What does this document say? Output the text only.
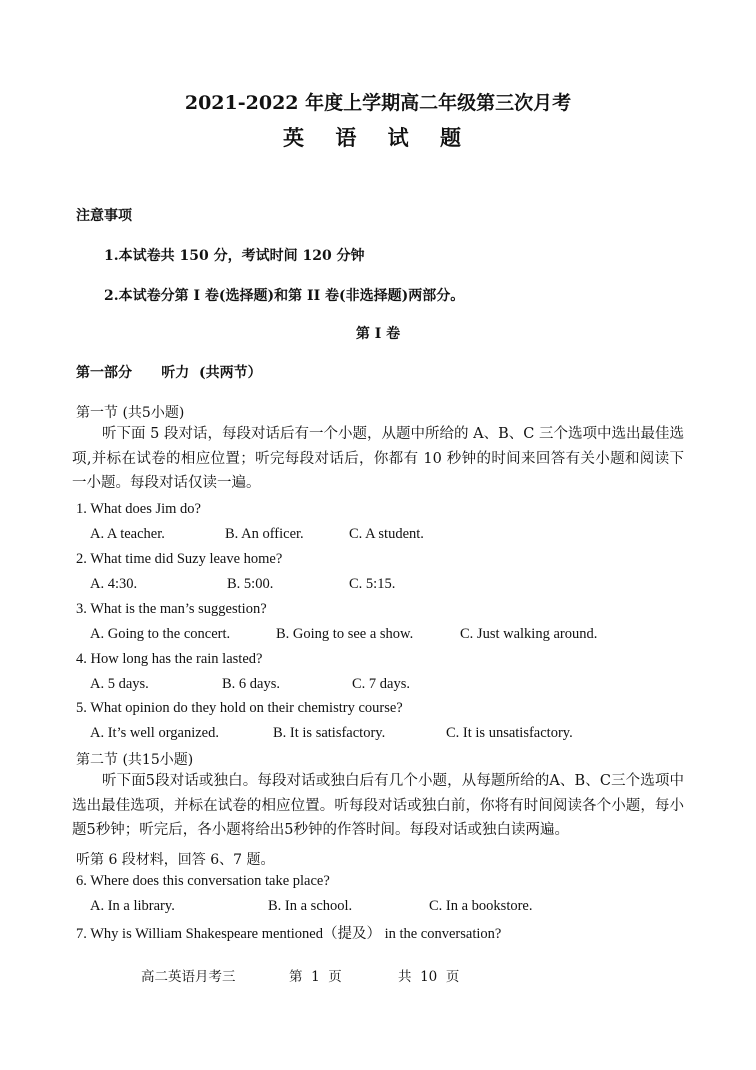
2021-2022 年度上学期高二年级第三次月考
英 语 试 题
注意事项
1.本试卷共 150 分，考试时间 120 分钟
2.本试卷分第 I 卷(选择题)和第 II 卷(非选择题)两部分。
第 I 卷
第一部分      听力  (共两节）
第一节 (共5小题)
听下面 5 段对话，每段对话后有一个小题，从题中所给的 A、B、C 三个选项中选出最佳选项,并标在试卷的相应位置；听完每段对话后，你都有 10 秒钟的时间来回答有关小题和阅读下一小题。每段对话仅读一遍。
1. What does Jim do?
A. A teacher.	B. An officer.	C. A student.
2. What time did Suzy leave home?
A. 4:30.	B. 5:00.	C. 5:15.
3. What is the man’s suggestion?
A. Going to the concert.	B. Going to see a show.	C. Just walking around.
4. How long has the rain lasted?
A. 5 days.	B. 6 days.	C. 7 days.
5. What opinion do they hold on their chemistry course?
A. It’s well organized.	B. It is satisfactory.	C. It is unsatisfactory.
第二节 (共15小题)
听下面5段对话或独白。每段对话或独白后有几个小题，从每题所给的A、B、C三个选项中选出最佳选项，并标在试卷的相应位置。听每段对话或独白前，你将有时间阅读各个小题，每小题5秒钟；听完后，各小题将给出5秒钟的作答时间。每段对话或独白读两遍。
听第 6 段材料，回答 6、7 题。
6. Where does this conversation take place?
A. In a library.	B. In a school.	C. In a bookstore.
7. Why is William Shakespeare mentioned（提及） in the conversation?
高二英语月考三	第  1  页	共  10  页
